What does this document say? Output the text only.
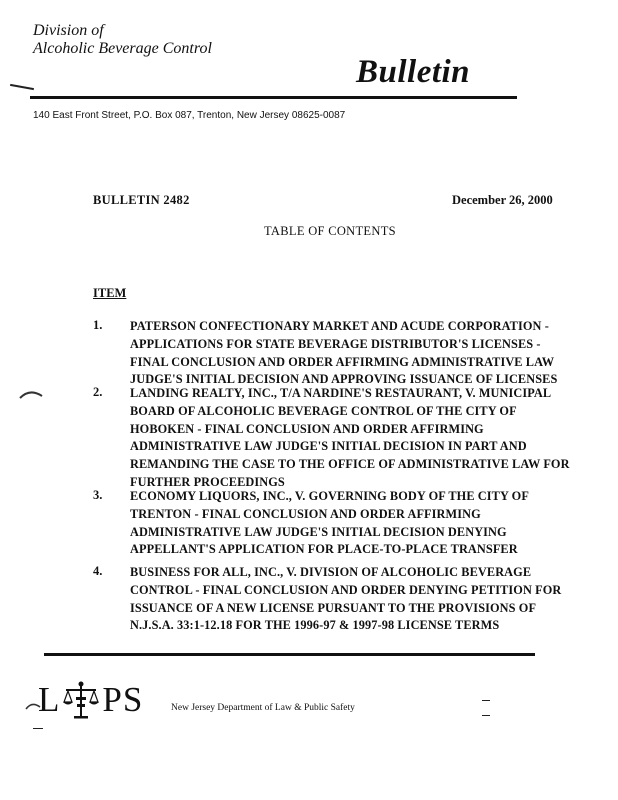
Division of
Alcoholic Beverage Control
Bulletin
140 East Front Street, P.O. Box 087, Trenton, New Jersey 08625-0087
BULLETIN 2482	December 26, 2000
TABLE OF CONTENTS
ITEM
1. PATERSON CONFECTIONARY MARKET AND ACUDE CORPORATION -
APPLICATIONS FOR STATE BEVERAGE DISTRIBUTOR'S LICENSES -
FINAL CONCLUSION AND ORDER AFFIRMING ADMINISTRATIVE LAW
JUDGE'S INITIAL DECISION AND APPROVING ISSUANCE OF LICENSES
2. LANDING REALTY, INC., T/A NARDINE'S RESTAURANT, V. MUNICIPAL
BOARD OF ALCOHOLIC BEVERAGE CONTROL OF THE CITY OF
HOBOKEN - FINAL CONCLUSION AND ORDER AFFIRMING
ADMINISTRATIVE LAW JUDGE'S INITIAL DECISION IN PART AND
REMANDING THE CASE TO THE OFFICE OF ADMINISTRATIVE LAW FOR
FURTHER PROCEEDINGS
3. ECONOMY LIQUORS, INC., V. GOVERNING BODY OF THE CITY OF
TRENTON - FINAL CONCLUSION AND ORDER AFFIRMING
ADMINISTRATIVE LAW JUDGE'S INITIAL DECISION DENYING
APPELLANT'S APPLICATION FOR PLACE-TO-PLACE TRANSFER
4. BUSINESS FOR ALL, INC., V. DIVISION OF ALCOHOLIC BEVERAGE
CONTROL - FINAL CONCLUSION AND ORDER DENYING PETITION FOR
ISSUANCE OF A NEW LICENSE PURSUANT TO THE PROVISIONS OF
N.J.S.A. 33:1-12.18 FOR THE 1996-97 & 1997-98 LICENSE TERMS
L PS	New Jersey Department of Law & Public Safety
